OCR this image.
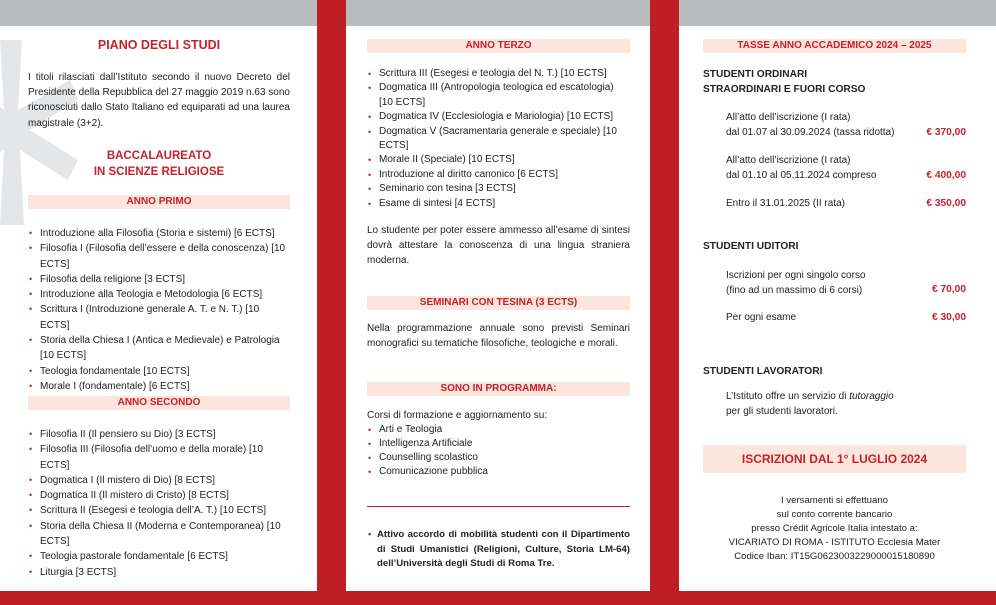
PIANO DEGLI STUDI
I titoli rilasciati dall’Istituto secondo il nuovo Decreto del Presidente della Repubblica del 27 maggio 2019 n.63 sono riconosciuti dallo Stato Italiano ed equiparati ad una laurea magistrale (3+2).
BACCALAUREATO
IN SCIENZE RELIGIOSE
ANNO PRIMO
• Introduzione alla Filosofia (Storia e sistemi) [6 ECTS]
• Filosofia I (Filosofia dell’essere e della conoscenza) [10 ECTS]
• Filosofia della religione [3 ECTS]
• Introduzione alla Teologia e Metodologia [6 ECTS]
• Scrittura I (Introduzione generale A. T. e N. T.) [10 ECTS]
• Storia della Chiesa I (Antica e Medievale) e Patrologia [10 ECTS]
• Teologia fondamentale [10 ECTS]
• Morale I (fondamentale) [6 ECTS]
ANNO SECONDO
• Filosofia II (Il pensiero su Dio) [3 ECTS]
• Filosofia III (Filosofia dell’uomo e della morale) [10 ECTS]
• Dogmatica I (Il mistero di Dio) [8 ECTS]
• Dogmatica II (Il mistero di Cristo) [8 ECTS]
• Scrittura II (Esegesi e teologia dell’A. T.) [10 ECTS]
• Storia della Chiesa II (Moderna e Contemporanea) [10 ECTS]
• Teologia pastorale fondamentale [6 ECTS]
• Liturgia [3 ECTS]
ANNO TERZO
• Scrittura III (Esegesi e teologia del N. T.) [10 ECTS]
• Dogmatica III (Antropologia teologica ed escatologia) [10 ECTS]
• Dogmatica IV (Ecclesiologia e Mariologia) [10 ECTS]
• Dogmatica V (Sacramentaria generale e speciale) [10 ECTS]
• Morale II (Speciale) [10 ECTS]
• Introduzione al diritto canonico [6 ECTS]
• Seminario con tesina [3 ECTS]
• Esame di sintesi [4 ECTS]
Lo studente per poter essere ammesso all’esame di sintesi dovrà attestare la conoscenza di una lingua straniera moderna.
SEMINARI CON TESINA (3 ECTS)
Nella programmazione annuale sono previsti Seminari monografici su tematiche filosofiche, teologiche e morali.
SONO IN PROGRAMMA:
Corsi di formazione e aggiornamento su:
• Arti e Teologia
• Intelligenza Artificiale
• Counselling scolastico
• Comunicazione pubblica
• Attivo accordo di mobilità studenti con il Dipartimento di Studi Umanistici (Religioni, Culture, Storia LM-64) dell’Università degli Studi di Roma Tre.
TASSE ANNO ACCADEMICO 2024 – 2025
STUDENTI ORDINARI
STRAORDINARI E FUORI CORSO
All’atto dell’iscrizione (I rata)
dal 01.07 al 30.09.2024 (tassa ridotta)	€ 370,00
All’atto dell’iscrizione (I rata)
dal 01.10 al 05.11.2024 compreso	€ 400,00
Entro il 31.01.2025 (II rata)	€ 350,00
STUDENTI UDITORI
Iscrizioni per ogni singolo corso
(fino ad un massimo di 6 corsi)	€ 70,00
Per ogni esame	€ 30,00
STUDENTI LAVORATORI
L’Istituto offre un servizio di tutoraggio
per gli studenti lavoratori.
ISCRIZIONI DAL 1° LUGLIO 2024
I versamenti si effettuano
sul conto corrente bancario
presso Crédit Agricole Italia intestato a:
VICARIATO DI ROMA - ISTITUTO Ecclesia Mater
Codice Iban: IT15G0623003229000015180890
